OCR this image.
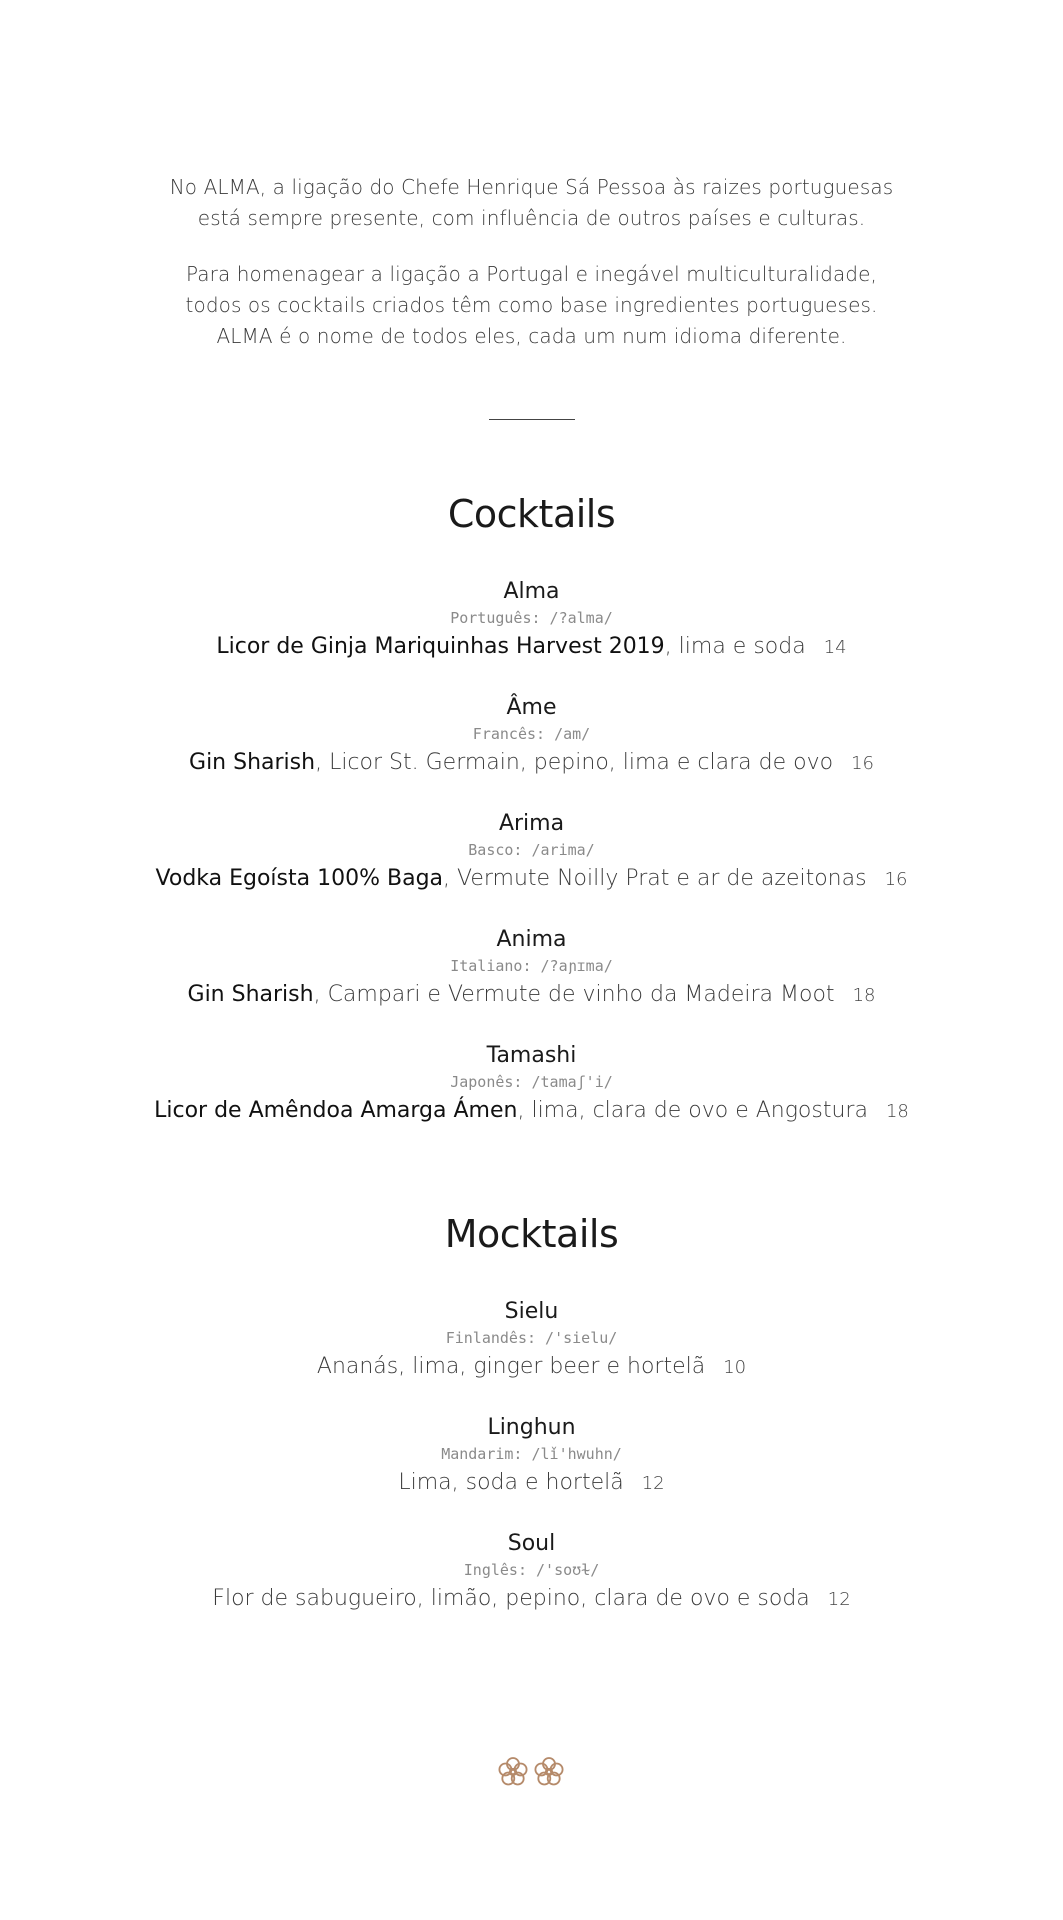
No ALMA, a ligação do Chefe Henrique Sá Pessoa às raizes portuguesas
está sempre presente, com influência de outros países e culturas.

Para homenagear a ligação a Portugal e inegável multiculturalidade,
todos os cocktails criados têm como base ingredientes portugueses.
ALMA é o nome de todos eles, cada um num idioma diferente.

Cocktails
Alma
Português: /?alma/
Licor de Ginja Mariquinhas Harvest 2019, lima e soda 14
Âme
Francês: /am/
Gin Sharish, Licor St. Germain, pepino, lima e clara de ovo 16
Arima
Basco: /arima/
Vodka Egoísta 100% Baga, Vermute Noilly Prat e ar de azeitonas 16
Anima
Italiano: /?aɲɪma/
Gin Sharish, Campari e Vermute de vinho da Madeira Moot 18
Tamashi
Japonês: /tamaʃ'i/
Licor de Amêndoa Amarga Ámen, lima, clara de ovo e Angostura 18
Mocktails
Sielu
Finlandês: /'sielu/
Ananás, lima, ginger beer e hortelã 10
Linghun
Mandarim: /lǐ'hwuhn/
Lima, soda e hortelã 12
Soul
Inglês: /'soʊɫ/
Flor de sabugueiro, limão, pepino, clara de ovo e soda 12
